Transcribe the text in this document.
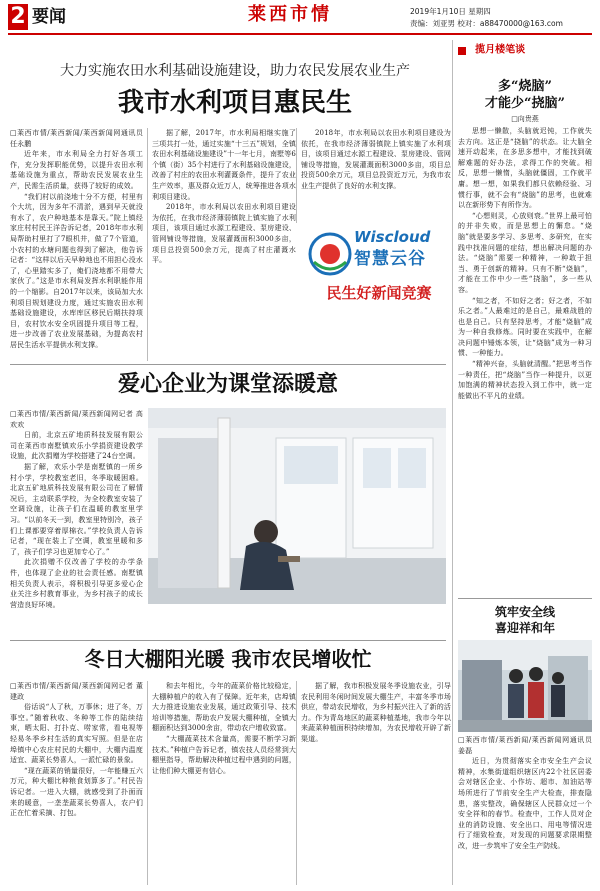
2 要闻	莱西市情	2019年1月10日 星期四
责编：刘亚男 校对：a88470000@163.com
大力实施农田水利基础设施建设，助力农民发展农业生产
我市水利项目惠民生
□莱西市情/莱西新闻/莱西新闻网通讯员 任永鹏

近年来，市水利局全力打好各项工作，充分发挥职能优势，以提升农田水利基础设施为重点，帮助农民发展农业生产，民需生活质量，获得了较好的成效。

“我们村以前浇地十分不方便，村里有个大坑，因为多年不清淤，遇到早天就没有水了，农户种地基本是靠天。”院上镇经家庄村村民王洋告诉记者，2018年市水利局帮助村里打了7眼机井，做了7个管道，小农村的水塘问题也得到了解决，他告诉记者：“这样以后天早种地也不用担心没水了，心里踏实多了，俺们浇地都不用带大家伙了。”这是市水利局发挥水利职能作用的一个缩影。自2017年以来，该局加大水利项目规划建设力度，通过实施农田水利基础设施建设，水库库区移民后期扶持项目，农村饮水安全巩固提升项目等工程，进一步改善了农业发展基础，为提高农村居民生活水平提供水利支撑。

据了解，2017年，市水利局相继实施了三项共打一处，通过实施“十三五”规划，全镇农田水利基础设施建设”十一年七月，南墅等6个镇（街）35个村进行了水利基础设施建设，改善了村庄的农田水利灌溉条件，提升了农业生产效率，惠及群众近万人，统筹推进各项水利项目建设。

2018年，市水利局以农田水利项目建设为依托，在我市经济薄弱镇院上镇实施了水利项目，该项目通过水源工程建设、泵房建设、管网铺设等措施，发展灌溉面积3000多亩，项目总投资500余万元，提高了村庄灌溉水平。

2018年，市水利局以农田水利项目建设为依托，在我市经济薄弱镇院上镇实施了水利项目，该项目通过水源工程建设、泵房建设、管网铺设等措施，发展灌溉面积3000多亩，项目总投资500余万元，项目总投资近万元，为我市农业生产提供了良好的水利支撑。

Wiscloud
智慧云谷
民生好新闻竞赛
爱心企业为课堂添暖意
□莱西市情/莱西新闻/莱西新闻网记者 高欢欢

日前，北京五矿地质科技发展有限公司在莱西市南墅镇欢乐小学捐资建设教学设施，此次捐赠为学校搭建了24台空调。

据了解，欢乐小学是南墅镇的一所乡村小学，学校教室老旧，冬季取暖困难。北京五矿地质科技发展有限公司在了解情况后，主动联系学校，为全校教室安装了空调设施，让孩子们在温暖的教室里学习。“以前冬天一到，教室里特别冷，孩子们上课都要穿着厚棉衣。”学校负责人告诉记者，“现在装上了空调，教室里暖和多了，孩子们学习也更加专心了。”

此次捐赠不仅改善了学校的办学条件，也体现了企业的社会责任感。南墅镇相关负责人表示，将积极引导更多爱心企业关注乡村教育事业，为乡村孩子的成长营造良好环境。

冬日大棚阳光暖 我市农民增收忙
□莱西市情/莱西新闻/莱西新闻网记者 董建政

俗话说“人了秋，万事休；进了冬，万事空。”随着秋收、冬种等工作的陆续结束，晒太阳、打扑克、唠家常，看电视等轻易冬季乡村生活的真实写照。但是在店埠镇中心农庄村民的大棚中，大棚内温度适宜、蔬菜长势喜人，一派忙碌的景象。

“现在蔬菜的销量很好，一年能赚五六万元，种大棚比种粮食划算多了。”村民告诉记者。一进入大棚，就感受到了扑面而来的暖意，一垄垄蔬菜长势喜人，农户们正在忙着采摘、打包。

和去年相比，今年的蔬菜价格比较稳定，大棚种植户的收入有了保障。近年来，店埠镇大力推进设施农业发展，通过政策引导、技术培训等措施，帮助农户发展大棚种植，全镇大棚面积达到3000余亩，带动农户增收致富。

“大棚蔬菜技术含量高，需要不断学习新技术。”种植户告诉记者，镇农技人员经常到大棚里指导，帮助解决种植过程中遇到的问题，让他们种大棚更有信心。

据了解，我市积极发展冬季设施农业，引导农民利用冬闲时间发展大棚生产，丰富冬季市场供应，带动农民增收，为乡村振兴注入了新的活力。作为青岛地区的蔬菜种植基地，我市今年以来蔬菜种植面积持续增加，为农民增收开辟了新渠道。

揽月楼笔谈
多“烧脑”
才能少“挠脑”
□向贵燕

思想一懒散，头脑就迟钝，工作就失去方向。这正是“挠脑”的状态。让大脑全速开动起来，在多思多想中，才能找到破解难题的好办法，求得工作的突破。相反，思想一懒惰，头脑就僵固，工作就平庸。想一想，如果我们都只依赖经验、习惯行事，就不会有“烧脑”的思考，也就难以在新形势下有所作为。

“心想则灵，心放则衰。”世界上最可怕的并非失败，而是思想上的懈怠。“烧脑”就是要多学习、多思考、多研究，在实践中找准问题的症结，想出解决问题的办法。“烧脑”需要一种精神，一种敢于担当、勇于创新的精神。只有不断“烧脑”，才能在工作中少一些“挠脑”，多一些从容。

“知之者，不如好之者；好之者，不如乐之者。”人最难过的是自己，最难战胜的也是自己。只有坚持思考，才能“烧脑”成为一种自我修炼。同时要在实践中，在解决问题中锤炼本领，让“烧脑”成为一种习惯、一种能力。

“精神兴奋，头脑就清醒。”把思考当作一种责任，把“烧脑”当作一种提升，以更加饱满的精神状态投入到工作中，就一定能做出不平凡的业绩。

筑牢安全线
喜迎祥和年
□莱西市情/莱西新闻/莱西新闻网通讯员 姜磊

近日，为贯彻落实全市安全生产会议精神，水集街道组织辖区内22个社区居委会对辖区企业、小作坊、超市、加油站等场所进行了节前安全生产大检查，排查隐患，落实整改，确保辖区人民群众过一个安全祥和的春节。检查中，工作人员对企业的消防设施、安全出口、用电等情况进行了细致检查，对发现的问题要求限期整改，进一步筑牢了安全生产防线。
